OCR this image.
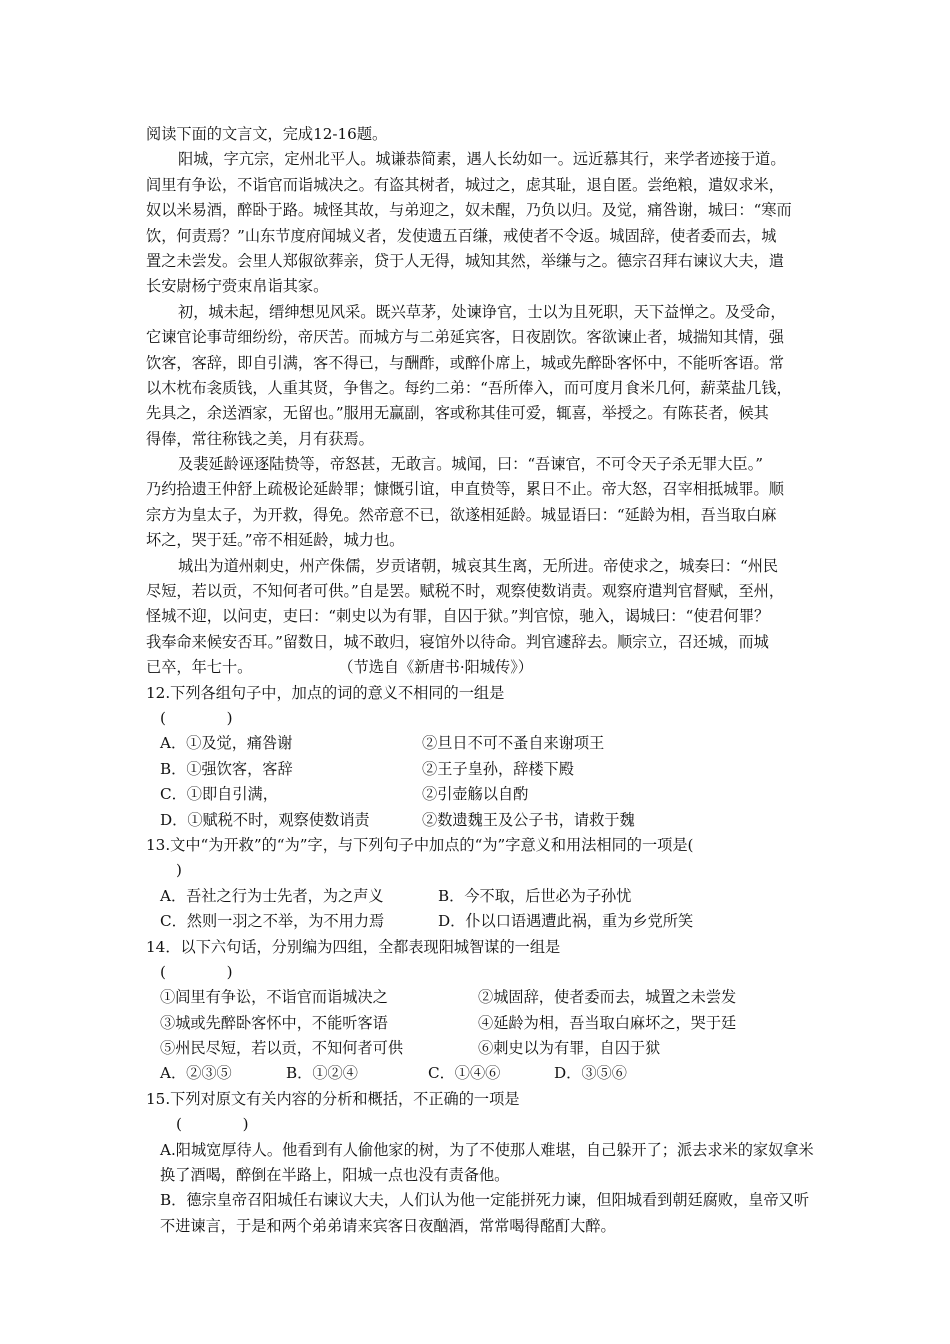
阅读下面的文言文，完成12-16题。
阳城，字亢宗，定州北平人。城谦恭简素，遇人长幼如一。远近慕其行，来学者迹接于道。
闾里有争讼，不诣官而诣城决之。有盗其树者，城过之，虑其耻，退自匿。尝绝粮，遣奴求米，
奴以米易酒，醉卧于路。城怪其故，与弟迎之，奴未醒，乃负以归。及觉，痛咎谢，城曰：“寒而
饮，何责焉？”山东节度府闻城义者，发使遗五百缣，戒使者不令返。城固辞，使者委而去，城
置之未尝发。会里人郑俶欲葬亲，贷于人无得，城知其然，举缣与之。德宗召拜右谏议大夫，遣
长安尉杨宁赍束帛诣其家。
初，城未起，缙绅想见风采。既兴草茅，处谏诤官，士以为且死职，天下益惮之。及受命，
它谏官论事苛细纷纷，帝厌苦。而城方与二弟延宾客，日夜剧饮。客欲谏止者，城揣知其情，强
饮客，客辞，即自引满，客不得已，与酬酢，或醉仆席上，城或先醉卧客怀中，不能听客语。常
以木枕布衾质钱，人重其贤，争售之。每约二弟：“吾所俸入，而可度月食米几何，薪菜盐几钱，
先具之，余送酒家，无留也。”服用无赢副，客或称其佳可爱，辄喜，举授之。有陈苌者，候其
得俸，常往称钱之美，月有获焉。
及裴延龄诬逐陆贽等，帝怒甚，无敢言。城闻，曰：“吾谏官，不可令天子杀无罪大臣。”
乃约拾遗王仲舒上疏极论延龄罪；慷慨引谊，申直贽等，累日不止。帝大怒，召宰相抵城罪。顺
宗方为皇太子，为开救，得免。然帝意不已，欲遂相延龄。城显语曰：“延龄为相，吾当取白麻
坏之，哭于廷。”帝不相延龄，城力也。
城出为道州刺史，州产侏儒，岁贡诸朝，城哀其生离，无所进。帝使求之，城奏曰：“州民
尽短，若以贡，不知何者可供。”自是罢。赋税不时，观察使数诮责。观察府遣判官督赋，至州，
怪城不迎，以问吏，吏曰：“刺史以为有罪，自囚于狱。”判官惊，驰入，谒城曰：“使君何罪？
我奉命来候安否耳。”留数日，城不敢归，寝馆外以待命。判官遽辞去。顺宗立，召还城，而城
已卒，年七十。	（节选自《新唐书·阳城传》）
12.下列各组句子中，加点的词的意义不相同的一组是
(　　　　)
A．①及觉，痛咎谢	②旦日不可不蚤自来谢项王
B．①强饮客，客辞	②王子皇孙，辞楼下殿
C．①即自引满，	②引壶觞以自酌
D．①赋税不时，观察使数诮责	②数遗魏王及公子书，请救于魏
13.文中“为开救”的“为”字，与下列句子中加点的“为”字意义和用法相同的一项是(
)
A．吾社之行为士先者，为之声义	B．今不取，后世必为子孙忧
C．然则一羽之不举，为不用力焉	D．仆以口语遇遭此祸，重为乡党所笑
14．以下六句话，分别编为四组，全都表现阳城智谋的一组是
(　　　　)
①闾里有争讼，不诣官而诣城决之	②城固辞，使者委而去，城置之未尝发
③城或先醉卧客怀中，不能听客语	④延龄为相，吾当取白麻坏之，哭于廷
⑤州民尽短，若以贡，不知何者可供	⑥刺史以为有罪，自囚于狱
A．②③⑤	B．①②④	C．①④⑥	D．③⑤⑥
15.下列对原文有关内容的分析和概括，不正确的一项是
(　　　　)
A.阳城宽厚待人。他看到有人偷他家的树，为了不使那人难堪，自己躲开了；派去求米的家奴拿米换了酒喝，醉倒在半路上，阳城一点也没有责备他。
B．德宗皇帝召阳城任右谏议大夫，人们认为他一定能拼死力谏，但阳城看到朝廷腐败，皇帝又听不进谏言，于是和两个弟弟请来宾客日夜酗酒，常常喝得酩酊大醉。
